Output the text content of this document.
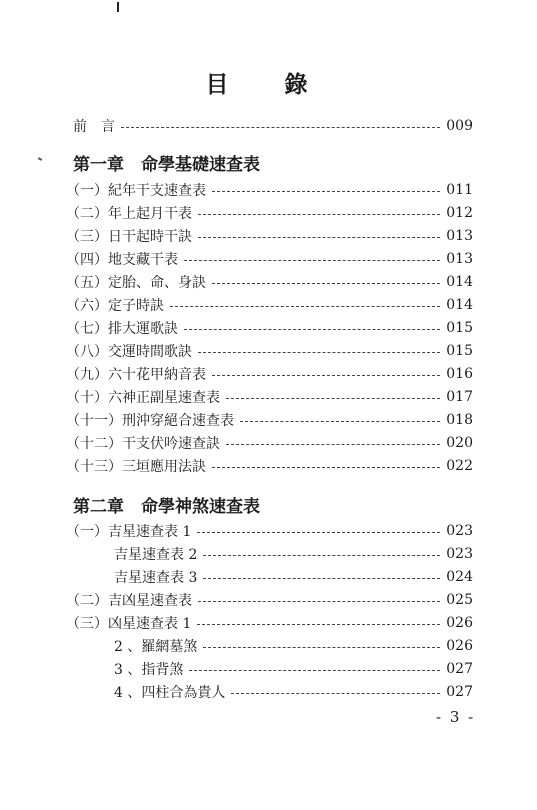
目 錄
前　言	009
第一章　命學基礎速查表
（一）紀年干支速查表	011
（二）年上起月干表	012
（三）日干起時干訣	013
（四）地支藏干表	013
（五）定胎、命、身訣	014
（六）定子時訣	014
（七）排大運歌訣	015
（八）交運時間歌訣	015
（九）六十花甲納音表	016
（十）六神正副星速查表	017
（十一）刑沖穿絕合速查表	018
（十二）干支伏吟速查訣	020
（十三）三垣應用法訣	022
第二章　命學神煞速查表
（一）吉星速查表 1	023
吉星速查表 2	023
吉星速查表 3	024
（二）吉凶星速查表	025
（三）凶星速查表 1	026
2 、羅網墓煞	026
3 、指背煞	027
4 、四柱合為貴人	027
- 3 -
